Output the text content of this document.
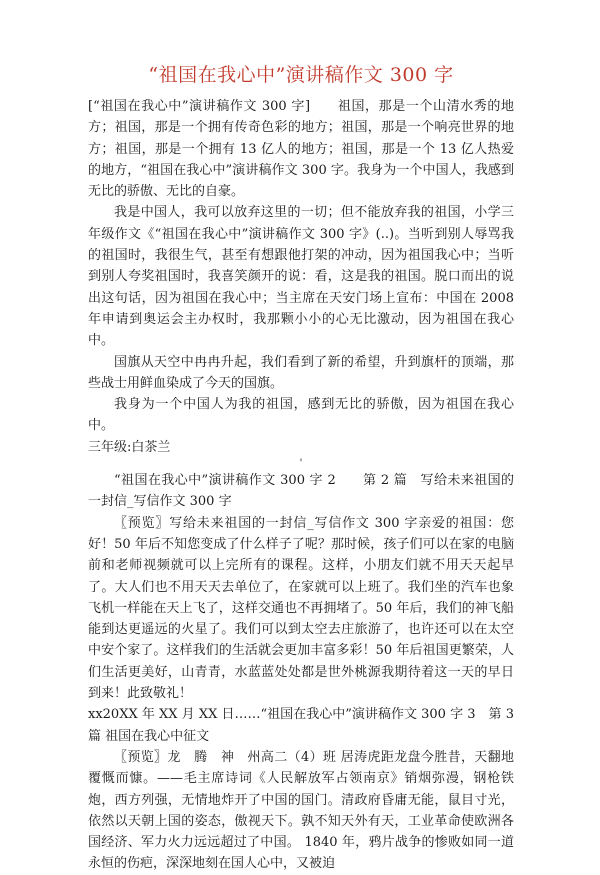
“祖国在我心中”演讲稿作文 300 字

[“祖国在我心中”演讲稿作文 300 字]　　祖国，那是一个山清水秀的地方；祖国，那是一个拥有传奇色彩的地方；祖国，那是一个响亮世界的地方；祖国，那是一个拥有 13 亿人的地方；祖国，那是一个 13 亿人热爱的地方，“祖国在我心中”演讲稿作文 300 字。我身为一个中国人，我感到无比的骄傲、无比的自豪。

我是中国人，我可以放弃这里的一切；但不能放弃我的祖国，小学三年级作文《“祖国在我心中”演讲稿作文 300 字》(..)。当听到别人辱骂我的祖国时，我很生气，甚至有想跟他打架的冲动，因为祖国我心中；当听到别人夸奖祖国时，我喜笑颜开的说：看，这是我的祖国。脱口而出的说出这句话，因为祖国在我心中；当主席在天安门场上宣布：中国在 2008 年申请到奥运会主办权时，我那颗小小的心无比激动，因为祖国在我心中。

国旗从天空中冉冉升起，我们看到了新的希望，升到旗杆的顶端，那些战士用鲜血染成了今天的国旗。

我身为一个中国人为我的祖国，感到无比的骄傲，因为祖国在我心中。

三年级:白茶兰

'

“祖国在我心中”演讲稿作文 300 字 2　　第 2 篇　写给未来祖国的一封信_写信作文 300 字

〖预览〗写给未来祖国的一封信_写信作文 300 字亲爱的祖国：您好！50 年后不知您变成了什么样子了呢？那时候，孩子们可以在家的电脑前和老师视频就可以上完所有的课程。这样，小朋友们就不用天天起早了。大人们也不用天天去单位了，在家就可以上班了。我们坐的汽车也象飞机一样能在天上飞了，这样交通也不再拥堵了。50 年后，我们的神飞船能到达更遥远的火星了。我们可以到太空去庄旅游了，也许还可以在太空中安个家了。这样我们的生活就会更加丰富多彩！50 年后祖国更繁荣，人们生活更美好，山青青，水蓝蓝处处都是世外桃源我期待着这一天的早日到来！此致敬礼！

xx20XX 年 XX 月 XX 日……“祖国在我心中”演讲稿作文 300 字 3　第 3 篇 祖国在我心中征文

〖预览〗龙　腾　神　州高二（4）班 居涛虎距龙盘今胜昔，天翻地覆慨而慷。——毛主席诗词《人民解放军占领南京》销烟弥漫，钢枪铁炮，西方列强，无情地炸开了中国的国门。清政府昏庸无能，鼠目寸光，依然以天朝上国的姿态，傲视天下。孰不知天外有天，工业革命使欧洲各国经济、军力火力远远超过了中国。 1840 年，鸦片战争的惨败如同一道永恒的伤疤，深深地刻在国人心中，又被迫
